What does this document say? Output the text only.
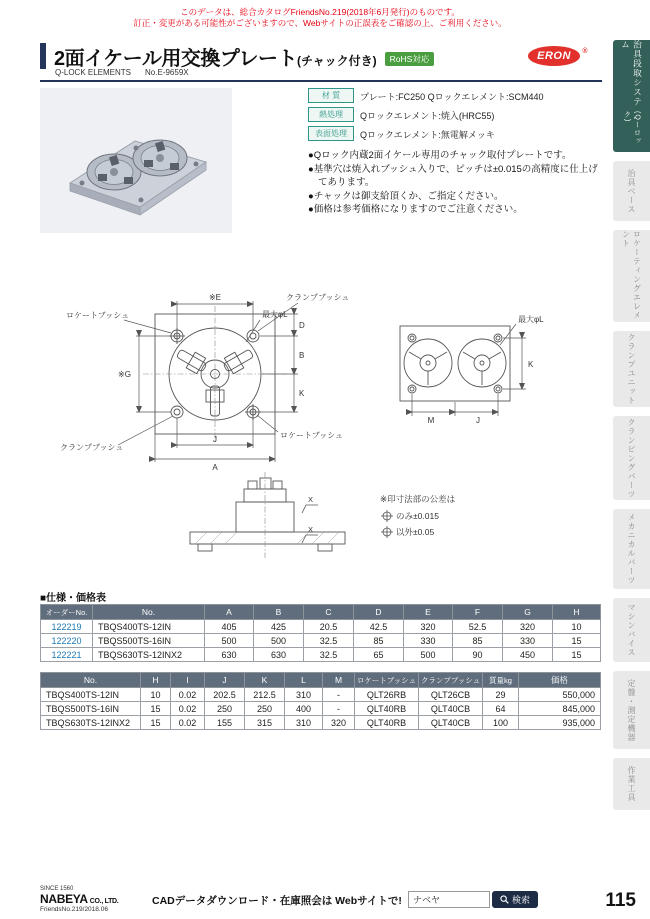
このデータは、総合カタログFriendsNo.219(2018年6月発行)のものです。
訂正・変更がある可能性がございますので、Webサイトの正誤表をご確認の上、ご利用ください。
2面イケール用交換プレート(チャック付き) RoHS対応
Q-LOCK ELEMENTS No.E-9659X
ERON ®	治具段取システム
(Qーロック)
治具ベース
ロケーティングエレメント
クランプユニット
クランピングパーツ
メカニカルパーツ
マシンバイス
定盤・測定機器
作業工具
材 質	プレート:FC250 Qロックエレメント:SCM440
熱処理	Qロックエレメント:焼入(HRC55)
表面処理	Qロックエレメント:無電解メッキ
●Qロック内蔵2面イケール専用のチャック取付プレートです。
●基準穴は焼入れブッシュ入りで、ピッチは±0.015の高精度に仕上げてあります。
●チャックは御支給頂くか、ご指定ください。
●価格は参考価格になりますのでご注意ください。
※E
最大φL
クランプブッシュ
ロケートブッシュ
クランプブッシュ
ロケートブッシュ
D
B
K
※G
J
A
最大φL
K
M	J
X
X
※印寸法部の公差は
のみ±0.015
以外±0.05
■仕様・価格表
オーダーNo.	No.	A	B	C	D	E	F	G	H
122219	TBQS400TS-12IN	405	425	20.5	42.5	320	52.5	320	10
122220	TBQS500TS-16IN	500	500	32.5	85	330	85	330	15
122221	TBQS630TS-12INX2	630	630	32.5	65	500	90	450	15
No.	H	I	J	K	L	M	ロケートブッシュ	クランプブッシュ	質量kg	価格
TBQS400TS-12IN	10	0.02	202.5	212.5	310	-	QLT26RB	QLT26CB	29	550,000
TBQS500TS-16IN	15	0.02	250	250	400	-	QLT40RB	QLT40CB	64	845,000
TBQS630TS-12INX2	15	0.02	155	315	310	320	QLT40RB	QLT40CB	100	935,000
SINCE 1560
NABEYA CO., LTD.
FriendsNo.219/2018.06
CADデータダウンロード・在庫照会は Webサイトで!
ナベヤ	検索	115
